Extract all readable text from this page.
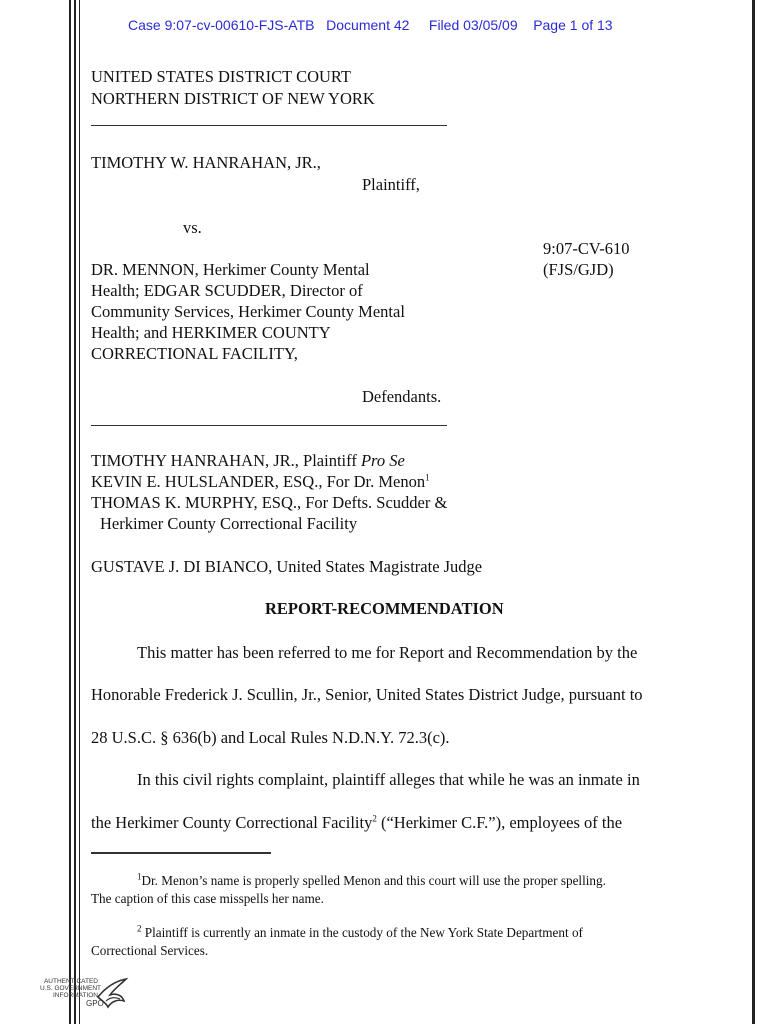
Case 9:07-cv-00610-FJS-ATB Document 42 Filed 03/05/09 Page 1 of 13
UNITED STATES DISTRICT COURT
NORTHERN DISTRICT OF NEW YORK
TIMOTHY W. HANRAHAN, JR.,
Plaintiff,
vs.
9:07-CV-610
(FJS/GJD)
DR. MENNON, Herkimer County Mental
Health; EDGAR SCUDDER, Director of
Community Services, Herkimer County Mental
Health; and HERKIMER COUNTY
CORRECTIONAL FACILITY,
Defendants.
TIMOTHY HANRAHAN, JR., Plaintiff Pro Se
KEVIN E. HULSLANDER, ESQ., For Dr. Menon$^1$
THOMAS K. MURPHY, ESQ., For Defts. Scudder &
Herkimer County Correctional Facility
GUSTAVE J. DI BIANCO, United States Magistrate Judge
REPORT-RECOMMENDATION
This matter has been referred to me for Report and Recommendation by the
Honorable Frederick J. Scullin, Jr., Senior, United States District Judge, pursuant to
28 U.S.C. § 636(b) and Local Rules N.D.N.Y. 72.3(c).
In this civil rights complaint, plaintiff alleges that while he was an inmate in
the Herkimer County Correctional Facility$^2$ (“Herkimer C.F.”), employees of the
$^1$Dr. Menon’s name is properly spelled Menon and this court will use the proper spelling.
The caption of this case misspells her name.
$^2$ Plaintiff is currently an inmate in the custody of the New York State Department of
Correctional Services.
AUTHENTICATED
U.S. GOVERNMENT
INFORMATION
GPO
